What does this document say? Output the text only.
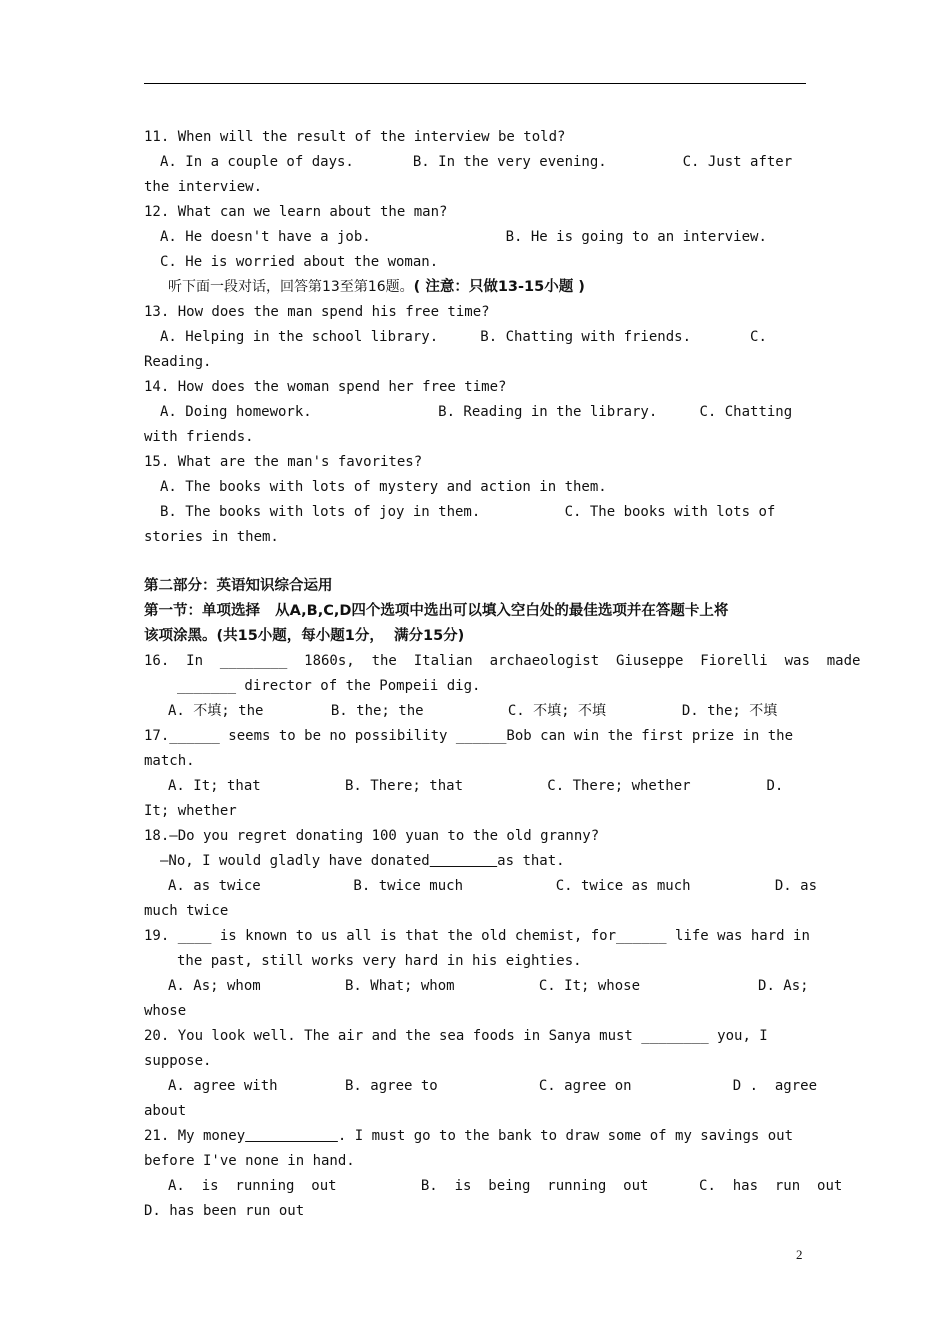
11. When will the result of the interview be told?
A. In a couple of days.       B. In the very evening.         C. Just after
the interview.
12. What can we learn about the man?
A. He doesn't have a job.                B. He is going to an interview.
C. He is worried about the woman.
听下面一段对话，回答第13至第16题。( 注意：只做13-15小题 )
13. How does the man spend his free time?
A. Helping in the school library.     B. Chatting with friends.       C.
Reading.
14. How does the woman spend her free time?
A. Doing homework.               B. Reading in the library.     C. Chatting
with friends.
15. What are the man's favorites?
A. The books with lots of mystery and action in them.
B. The books with lots of joy in them.          C. The books with lots of
stories in them.
第二部分：英语知识综合运用
第一节：单项选择   从A,B,C,D四个选项中选出可以填入空白处的最佳选项并在答题卡上将
该项涂黑。(共15小题，每小题1分，  满分15分)
16.  In  ________  1860s,  the  Italian  archaeologist  Giuseppe  Fiorelli  was  made
_______ director of the Pompeii dig.
A. 不填; the        B. the; the          C. 不填; 不填         D. the; 不填
17.______ seems to be no possibility ______Bob can win the first prize in the
match.
A. It; that          B. There; that          C. There; whether         D.
It; whether
18.—Do you regret donating 100 yuan to the old granny?
—No, I would gladly have donated	as that.
A. as twice           B. twice much           C. twice as much          D. as
much twice
19. ____ is known to us all is that the old chemist, for______ life was hard in
the past, still works very hard in his eighties.
A. As; whom          B. What; whom          C. It; whose              D. As;
whose
20. You look well. The air and the sea foods in Sanya must ________ you, I
suppose.
A. agree with        B. agree to            C. agree on            D .  agree
about
21. My money	. I must go to the bank to draw some of my savings out
before I've none in hand.
A.  is  running  out          B.  is  being  running  out      C.  has  run  out
D. has been run out
2
